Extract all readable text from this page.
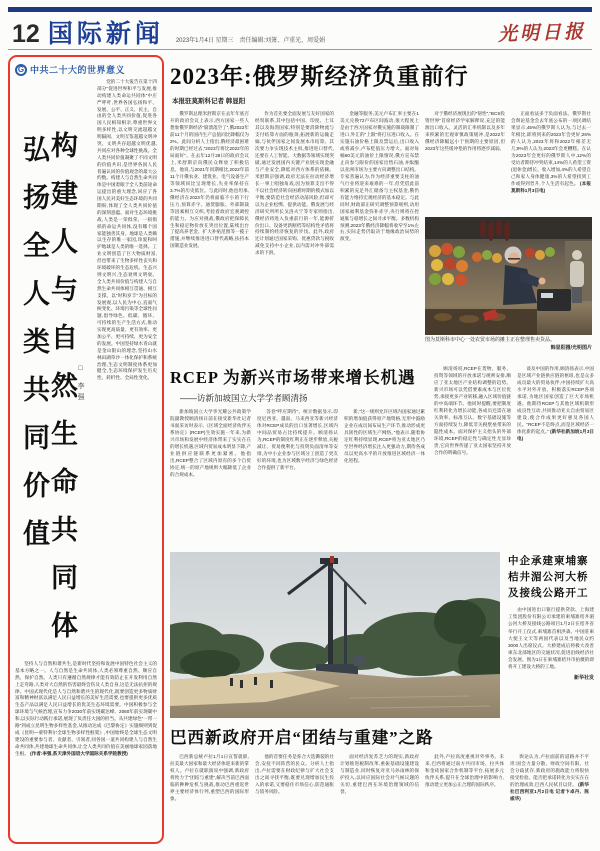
12 国际新闻 2023年1月4日 星期三　责任编辑:刘箫、卢重光、周爱娟	光明日报
G 中共二十大的世界意义
构建人与自然生命共同体
弘扬全人类共同价值	□ 李强
党的二十大报告在第十四部分“促进世界和平与发展,推动构建人类命运共同体”中庄严呼吁,世界各国弘扬和平、发展、公平、正义、民主、自由的全人类共同价值,促进各国人民相知相亲,尊重世界文明多样性,以文明交流超越文明隔阂、文明互鉴超越文明冲突、文明共存超越文明优越,共同应对各种全球性挑战。全人类共同价值凝聚了不同文明的价值共识,是世界各国人民普遍认同的价值观念的最大公约数。构建人与自然生命共同体是中国着眼于全人类前途命运提出的重大理念,回应了各国人民对美好生态环境的共同期盼,体现了全人类共同价值的深刻意蕴。面对生态环境挑战,人类是一荣俱荣、一损俱损的命运共同体,没有哪个国家能独善其身。地球是人类赖以生存的唯一家园,珍爱和呵护地球是人类的唯一选择。工业文明创造了巨大物质财富,但也带来了生物多样性丧失和环境破坏的生态危机。生态兴则文明兴,生态衰则文明衰。全人类共同价值与构建人与自然生命共同体相互贯通、相互支撑。以“时和岁丰”为目标的发展观,以人民为中心,直面气候变化、环境污染等全球性问题,倡导绿色、低碳、循环、可持续的生产生活方式,推动实现更高质量、更有效率、更加公平、更可持续、更为安全的发展。中国坚持绿水青山就是金山银山的理念,坚持山水林田湖草沙一体化保护和系统治理,生态文明制度体系更加健全,生态环境保护发生历史性、转折性、全局性变化。
坚持人与自然和谐共生,是新时代坚持和发展中国特色社会主义的基本方略之一。人与自然是生命共同体,人类必须尊重自然、顺应自然、保护自然。人类只有遵循自然规律才能有效防止在开发利用自然上走弯路,人类对大自然的伤害最终会伤及人类自身,这是无法抗拒的规律。中国式现代化是人与自然和谐共生的现代化,既要创造更多物质财富和精神财富以满足人民日益增长的美好生活需要,也要提供更多优质生态产品以满足人民日益增长的优美生态环境需要。中国积极参与全球环境与气候治理,宣布力争2030年前实现碳达峰、2060年前实现碳中和,以实际行动践行承诺,展现了负责任大国的担当。从共建绿色“一带一路”到成立昆明生物多样性基金,从推动达成《巴黎协定》实施细则到促成《昆明—蒙特利尔全球生物多样性框架》,中国始终是全球生态文明建设的重要参与者、贡献者、引领者,同各国一道共同构建人与自然生命共同体,共建地球生命共同体,让全人类共同价值在美丽地球家园落地生根。 (作者:李强,系天津外国语大学国际关系学院教授)
2023年:俄罗斯经济负重前行
本报驻莫斯科记者 韩显阳
俄罗斯总理米舒斯京在去年年底召开的政府会议上表示,西方国家一些人想象俄罗斯经济“崩溃落空了”,俄2022年前11个月的国内生产总值同比降幅仅为2%。此间分析人士指出,俄经济最困难的时期已经过去,“2023年将比2022年的局面好”。在去年12月28日的政府会议上,米舒斯京向俄民众释放了积极信息。他说,与2021年同期相比,2022年前11个月俄农业、建筑业、电气设备生产等领域同比呈现增长,失业率保持在3.7%的历史低位。与此同时,他也坦承,俄经济在2023年仍将面临不小的下行压力,预算赤字、通货膨胀、外部制裁等因素相互交织,考验着政府宏观调控的能力。为应对挑战,俄政府把保障民生和稳定物价放在突出位置,陆续出台了提高养老金、扩大补贴范围等一揽子措施,并继续推进进口替代战略,扶持本国制造业发展。
作为首先要全面发展与友好国家的经贸联系,其中包括中国、印度、土耳其以及海湾国家,特别是要消除物流与支付结算方面的瓶颈,拓展新的运输走廊,与伙伴国家之间发展本币结算。其次要力争实现技术主权,推进进口替代,还要在人工智能、大数据等领域实现突破,通过发展国内关键产业链实现金融与产业安全,降低对西方体系的依赖。米舒斯京强调,政府无法在拉动经济增长一事上唱独角戏,因为预算支出不得不以社会经济转向困难时期的模式加以平衡,要防范社会经济动荡风险,但却可以为企业松绑、提供动能。俄发展与经济研究所所长戈洛夫宁等专家则指出,俄经济将进入负重前行的一年,能源折价出口、设备更新断档等结构性矛盾将持续制约经济恢复的步伐。此外,政府还计划通过国家采购、优惠贷款与税收减免支持中小企业,以内需对冲外部需求的下滑。
金融等服务,美元卢布汇率主要在1美元兑换72卢布区间波动,很大程度上是由于西方国家对俄实施的制裁限制了进口,外汇的“上限”将打压进口收入。在实施石油价格上限及禁运后,出口收入或将减少,卢布贬值压力增大。面对每桶60美元的油价上限情况,俄方宣布禁止向参与限价的国家出售石油,并酝酿以亚洲市场为主要方向调整出口结构。专家普遍认为,作为经济重要支柱的油气行业将迎来艰难的一年,但凭借此前积累的充足外汇储备与主权基金,俄仍有能力维持宏观经济的基本稳定。与此同时,财政部正研究调整预算规则,动用国家福利基金弥补赤字,央行则将在控通胀与稳增长之间寻求平衡。多数机构预测,2023年俄经济降幅将收窄至1%左右,实际走势仍取决于地缘政治局势的演变。
对于俄经济展现出的“韧性”,“BCS投资世界”首席经济学家解释说,充足的能源出口收入、灵活的汇率机制以及多年来积累的宏观审慎政策缓冲,是2022年俄经济降幅远小于预期的主要原因,但2023年这些缓冲垫的作用将逐步减弱。
正面看法多于负面看法。俄罗斯社会舆论基金会去年底公布的一项民调结果显示,45%的俄罗斯人认为,与过去一年相比,即将到来的2023年会更好;26%的人认为,2023年将和2022年相差无几;9%的人认为,2023年会更糟糕。在认为2023年会更好的俄罗斯人中,12%的受访者期待冲突结束,14%的人希望工资(退休金)增长、收入增加,4%的人希望自己和家人身体健康,3%的人希望找到工作或得到晋升,个人生活有起色。 (本报莫斯科1月3日电)
图为莫斯科市中心一处农贸市场的摊主正在整理售卖货品。
韩显阳摄/光明图片
RCEP 为新兴市场带来增长机遇
——访新加坡国立大学学者顾清扬
新加坡国立大学李光耀公共政策学院副教授顾清扬日前在接受新华社记者书面采访时表示,《区域全面经济伙伴关系协定》(RCEP)生效实施一年来,为新兴市场和发展中经济体带来了实实在在的增长机遇,区域内贸易成本明显下降,产业链供应链联系更加紧密。他指出,RCEP整合了区域内原有的多个自贸协定,统一的原产地规则大幅降低了企业的合规成本。
答卷“呼应期待”。统计数据显示,印度尼西亚、越南、马来西亚等新兴经济体对RCEP成员的出口显著增长,区域内中间品贸易占比持续提升。顾清扬认为,RCEP的制度红利正在逐步释放,关税减让、贸易便利化与投资负面清单等安排,为中小企业参与区域分工创造了更友好的环境,也为区域数字经济与绿色经济合作提供了新平台。
新,“这一规则允许区域内国家通过累积的增加值获得原产地资格,无形中鼓励企业在成员间布局生产环节,推动形成更具韧性的区域生产网络。”他表示,随着协定红利持续显现,RCEP将为亚太地区乃至世界经济增长注入更强动力,期待各成员以更高水平的开放推进区域经济一体化进程。
顾清扬说,RCEP在货物、服务、投资等领域的开放承诺与规则安排,顺应了亚太地区产业结构调整的趋势。新兴市场可以凭借要素成本与区位优势,承接更多产业转移,融入区域价值链的中高端环节。他同时提醒,要把制度红利转化为增长动能,各成员还需在通关效率、标准互认、数字基础设施等方面持续发力,降低非关税壁垒带来的隐性成本。面对保护主义抬头的外部环境,RCEP的稳定性与确定性尤显珍贵,它向世界传递了亚太国家坚持开放合作的明确信号。
谈及中国的作用,顾清扬表示,中国是区域产业链供应链的枢纽,也是众多成员最大的贸易伙伴,中国持续扩大高水平对外开放、积极落实RCEP各项承诺,为地区国家创造了巨大市场机遇。他期待RCEP与其他区域机制形成良性互动,共同推动亚太自由贸易区建设,使合作成果更好惠及各国人民。“RCEP不是终点,而是区域经济一体化新的起点。” (新华社新加坡1月3日电)
中企承建柬埔寨
桔井湄公河大桥
及接线公路开工
由中国进出口银行提供贷款、上海建工集团股份有限公司承建的柬埔寨桔井湄公河大桥及接线公路项目1月2日在桔井省举行开工仪式,柬埔寨首相洪森、中国驻柬大使王文天等两国代表以及当地民众约3000人出席仪式。大桥建成后将极大改善柬东北部地区的交通状况,促进沿线经济社会发展。图为1日在柬埔寨桔井市拍摄的即将开工建设大桥的工地。
新华社发
巴西新政府开启“团结与重建”之路
巴西新总统卢拉1月1日宣誓就职,拉美最大国家和最大经济体迎来新的掌权人。卢拉在就职演说中强调,新政府将致力于“团结与重建”,解决当前巴西面临的种种危机与挑战,推动巴西重返世界主要经济体行列,重塑巴西的国际形象。
他的首要任务是弥合大选撕裂的社会,安抚不同阵营的民众。分析人士指出,卢拉需要在财政纪律与扩大社会支出之间寻找平衡,既要兑现增加民生投入的承诺,又要稳住市场信心,防范通胀与债务风险。
面对经济复苏乏力的现实,新政府计划推进税制改革,重振基础设施建设与制造业,同时恢复对亚马孙雨林的保护投入,以回应国际社会对气候议题的关切,重建巴西在环境治理领域的信誉。
此外,卢拉高度重视对外事务。未来,巴西将通过南方共同市场、拉共体和金砖国家合作机制等平台,拓展多元伙伴关系,提升在全球治理中的影响力,推动建立更加公正合理的国际秩序。
舆论认为,卢拉面前的道路并不平坦:国会力量分散、财政空间有限、社会分歧犹存,新政府的施政能力将很快接受检验。能否把承诺转化为实实在在的治理成效,巴西人民拭目以待。 (新华社巴西利亚1月2日电 记者卞卓丹、陈威华)
